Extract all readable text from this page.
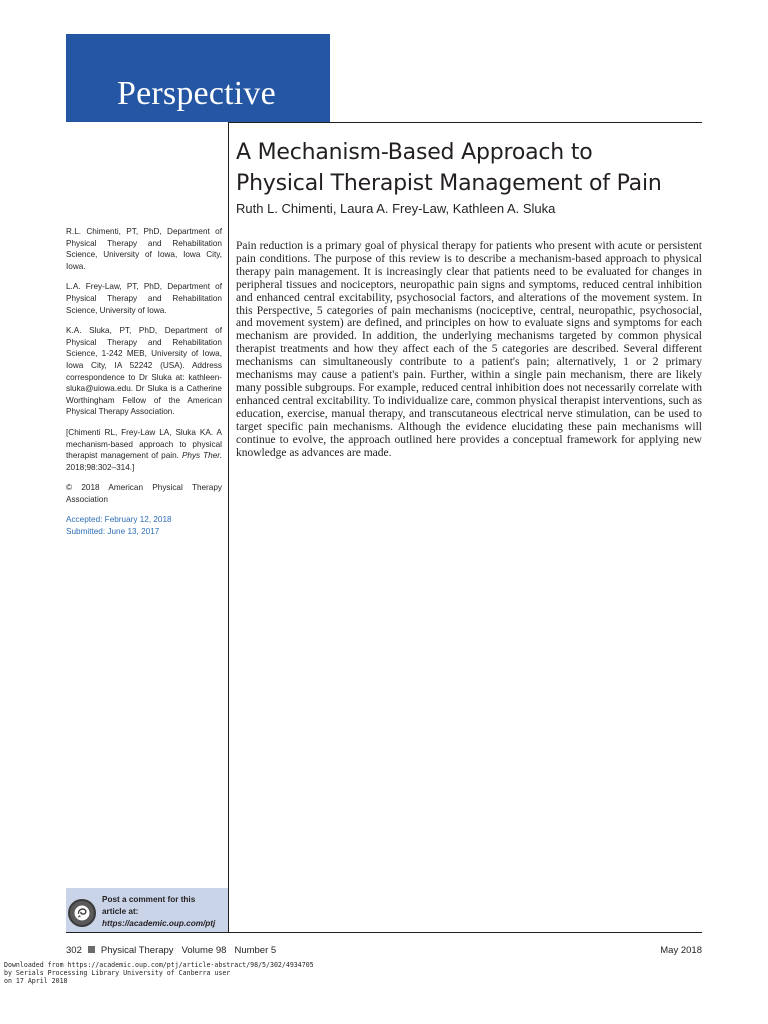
Perspective
A Mechanism-Based Approach to
Physical Therapist Management of Pain
Ruth L. Chimenti, Laura A. Frey-Law, Kathleen A. Sluka

Pain reduction is a primary goal of physical therapy for patients who present with acute or persistent pain conditions. The purpose of this review is to describe a mechanism-based approach to physical therapy pain management. It is increasingly clear that patients need to be evaluated for changes in peripheral tissues and nociceptors, neuropathic pain signs and symptoms, reduced central inhibition and enhanced central excitability, psychosocial factors, and alterations of the movement system. In this Perspective, 5 categories of pain mechanisms (nociceptive, central, neuropathic, psychosocial, and movement system) are defined, and principles on how to evaluate signs and symptoms for each mechanism are provided. In addition, the underlying mechanisms targeted by common physical therapist treatments and how they affect each of the 5 categories are described. Several different mechanisms can simultaneously contribute to a patient's pain; alternatively, 1 or 2 primary mechanisms may cause a patient's pain. Further, within a single pain mechanism, there are likely many possible subgroups. For example, reduced central inhibition does not necessarily correlate with enhanced central excitability. To individualize care, common physical therapist interventions, such as education, exercise, manual therapy, and transcutaneous electrical nerve stimulation, can be used to target specific pain mechanisms. Although the evidence elucidating these pain mechanisms will continue to evolve, the approach outlined here provides a conceptual framework for applying new knowledge as advances are made.

R.L. Chimenti, PT, PhD, Department of Physical Therapy and Rehabilitation Science, University of Iowa, Iowa City, Iowa.

L.A. Frey-Law, PT, PhD, Department of Physical Therapy and Rehabilitation Science, University of Iowa.

K.A. Sluka, PT, PhD, Department of Physical Therapy and Rehabilitation Science, 1-242 MEB, University of Iowa, Iowa City, IA 52242 (USA). Address correspondence to Dr Sluka at: kathleen-sluka@uiowa.edu. Dr Sluka is a Catherine Worthingham Fellow of the American Physical Therapy Association.

[Chimenti RL, Frey-Law LA, Sluka KA. A mechanism-based approach to physical therapist management of pain. Phys Ther. 2018;98:302–314.]

© 2018 American Physical Therapy Association

Accepted: February 12, 2018

Submitted: June 13, 2017

Post a comment for this
article at:
https://academic.oup.com/ptj
302 Physical Therapy Volume 98 Number 5	May 2018
Downloaded from https://academic.oup.com/ptj/article-abstract/98/5/302/4934705
by Serials Processing Library University of Canberra user
on 17 April 2018
